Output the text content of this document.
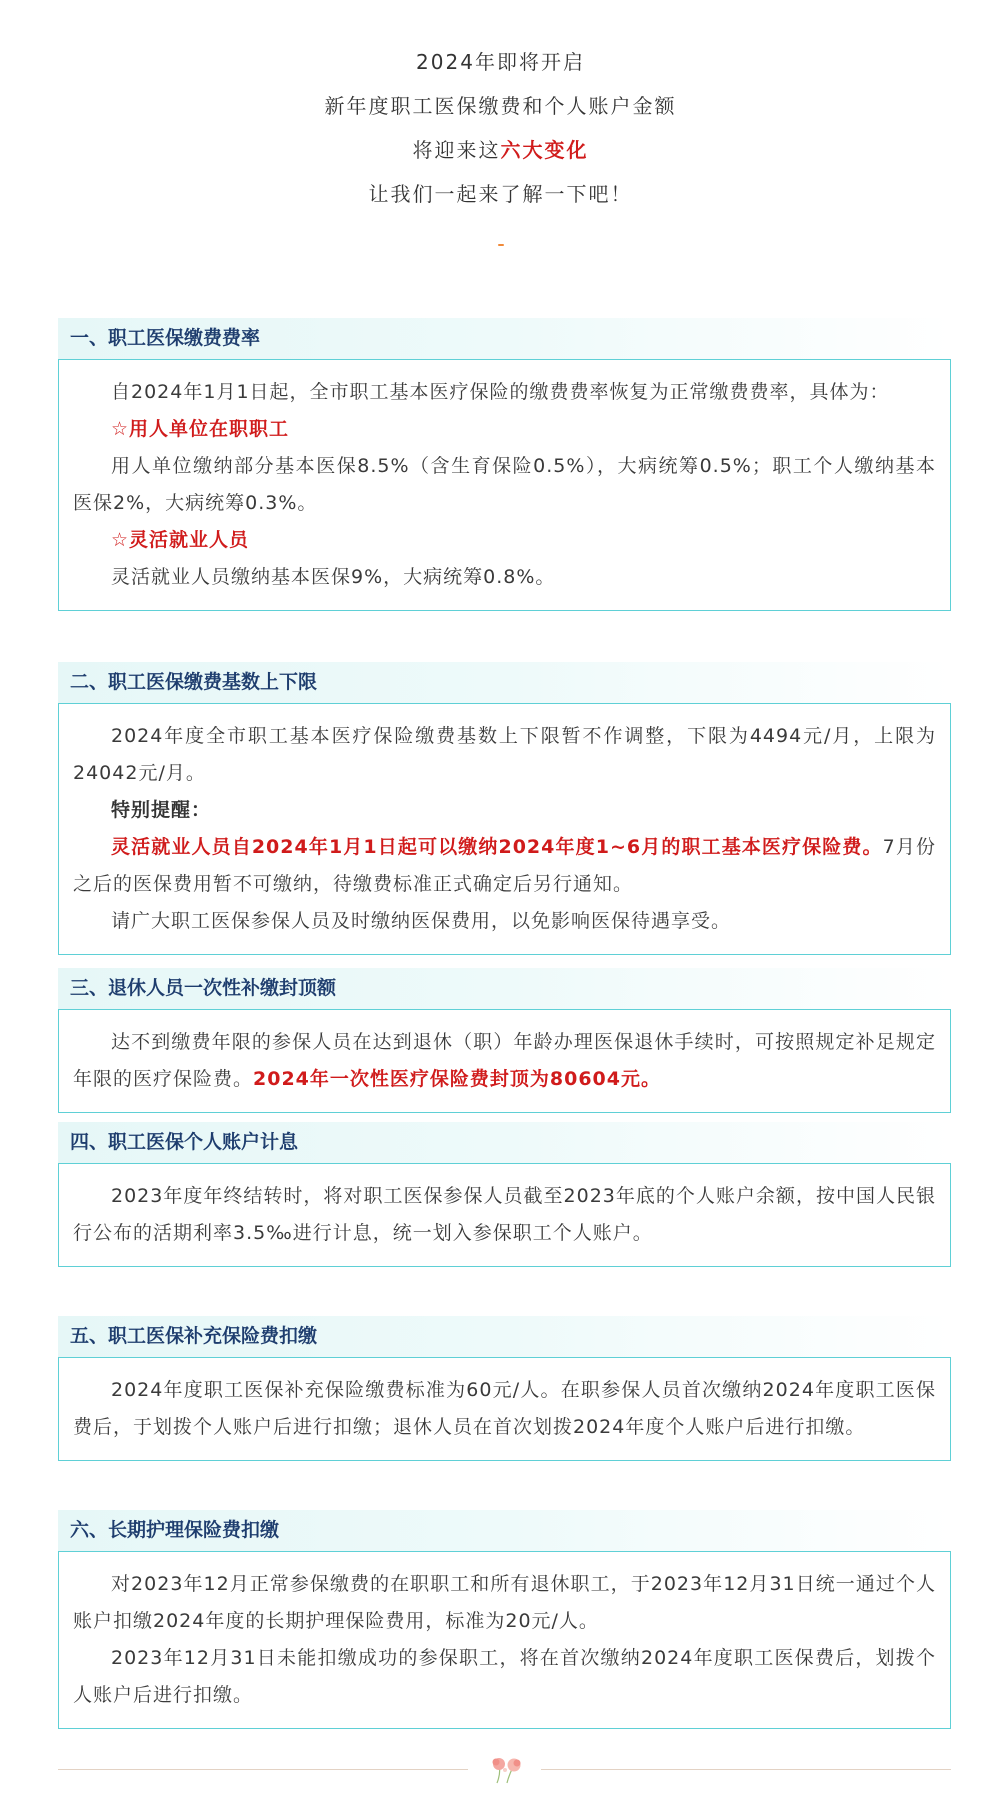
2024年即将开启
新年度职工医保缴费和个人账户金额
将迎来这六大变化
让我们一起来了解一下吧！
一、职工医保缴费费率

自2024年1月1日起，全市职工基本医疗保险的缴费费率恢复为正常缴费费率，具体为：

☆用人单位在职职工

用人单位缴纳部分基本医保8.5%（含生育保险0.5%），大病统筹0.5%；职工个人缴纳基本医保2%，大病统筹0.3%。

☆灵活就业人员

灵活就业人员缴纳基本医保9%，大病统筹0.8%。

二、职工医保缴费基数上下限

2024年度全市职工基本医疗保险缴费基数上下限暂不作调整，下限为4494元/月，上限为24042元/月。

特别提醒：

灵活就业人员自2024年1月1日起可以缴纳2024年度1~6月的职工基本医疗保险费。7月份之后的医保费用暂不可缴纳，待缴费标准正式确定后另行通知。

请广大职工医保参保人员及时缴纳医保费用，以免影响医保待遇享受。

三、退休人员一次性补缴封顶额

达不到缴费年限的参保人员在达到退休（职）年龄办理医保退休手续时，可按照规定补足规定年限的医疗保险费。2024年一次性医疗保险费封顶为80604元。

四、职工医保个人账户计息

2023年度年终结转时，将对职工医保参保人员截至2023年底的个人账户余额，按中国人民银行公布的活期利率3.5‰进行计息，统一划入参保职工个人账户。

五、职工医保补充保险费扣缴

2024年度职工医保补充保险缴费标准为60元/人。在职参保人员首次缴纳2024年度职工医保费后，于划拨个人账户后进行扣缴；退休人员在首次划拨2024年度个人账户后进行扣缴。

六、长期护理保险费扣缴

对2023年12月正常参保缴费的在职职工和所有退休职工，于2023年12月31日统一通过个人账户扣缴2024年度的长期护理保险费用，标准为20元/人。

2023年12月31日未能扣缴成功的参保职工，将在首次缴纳2024年度职工医保费后，划拨个人账户后进行扣缴。
